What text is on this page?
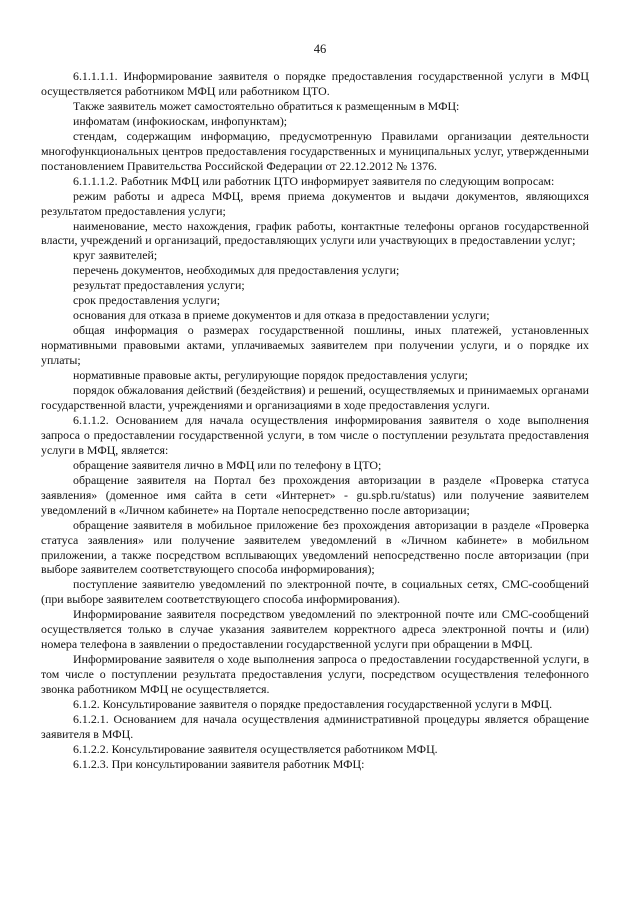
46

6.1.1.1.1. Информирование заявителя о порядке предоставления государственной услуги в МФЦ осуществляется работником МФЦ или работником ЦТО.

Также заявитель может самостоятельно обратиться к размещенным в МФЦ:

инфоматам (инфокиоскам, инфопунктам);

стендам, содержащим информацию, предусмотренную Правилами организации деятельности многофункциональных центров предоставления государственных и муниципальных услуг, утвержденными постановлением Правительства Российской Федерации от 22.12.2012 № 1376.

6.1.1.1.2. Работник МФЦ или работник ЦТО информирует заявителя по следующим вопросам:

режим работы и адреса МФЦ, время приема документов и выдачи документов, являющихся результатом предоставления услуги;

наименование, место нахождения, график работы, контактные телефоны органов государственной власти, учреждений и организаций, предоставляющих услуги или участвующих в предоставлении услуг;

круг заявителей;

перечень документов, необходимых для предоставления услуги;

результат предоставления услуги;

срок предоставления услуги;

основания для отказа в приеме документов и для отказа в предоставлении услуги;

общая информация о размерах государственной пошлины, иных платежей, установленных нормативными правовыми актами, уплачиваемых заявителем при получении услуги, и о порядке их уплаты;

нормативные правовые акты, регулирующие порядок предоставления услуги;

порядок обжалования действий (бездействия) и решений, осуществляемых и принимаемых органами государственной власти, учреждениями и организациями в ходе предоставления услуги.

6.1.1.2. Основанием для начала осуществления информирования заявителя о ходе выполнения запроса о предоставлении государственной услуги, в том числе о поступлении результата предоставления услуги в МФЦ, является:

обращение заявителя лично в МФЦ или по телефону в ЦТО;

обращение заявителя на Портал без прохождения авторизации в разделе «Проверка статуса заявления» (доменное имя сайта в сети «Интернет» - gu.spb.ru/status) или получение заявителем уведомлений в «Личном кабинете» на Портале непосредственно после авторизации;

обращение заявителя в мобильное приложение без прохождения авторизации в разделе «Проверка статуса заявления» или получение заявителем уведомлений в «Личном кабинете» в мобильном приложении, а также посредством всплывающих уведомлений непосредственно после авторизации (при выборе заявителем соответствующего способа информирования);

поступление заявителю уведомлений по электронной почте, в социальных сетях, СМС-сообщений (при выборе заявителем соответствующего способа информирования).

Информирование заявителя посредством уведомлений по электронной почте или СМС-сообщений осуществляется только в случае указания заявителем корректного адреса электронной почты и (или) номера телефона в заявлении о предоставлении государственной услуги при обращении в МФЦ.

Информирование заявителя о ходе выполнения запроса о предоставлении государственной услуги, в том числе о поступлении результата предоставления услуги, посредством осуществления телефонного звонка работником МФЦ не осуществляется.

6.1.2. Консультирование заявителя о порядке предоставления государственной услуги в МФЦ.

6.1.2.1. Основанием для начала осуществления административной процедуры является обращение заявителя в МФЦ.

6.1.2.2. Консультирование заявителя осуществляется работником МФЦ.

6.1.2.3. При консультировании заявителя работник МФЦ:
